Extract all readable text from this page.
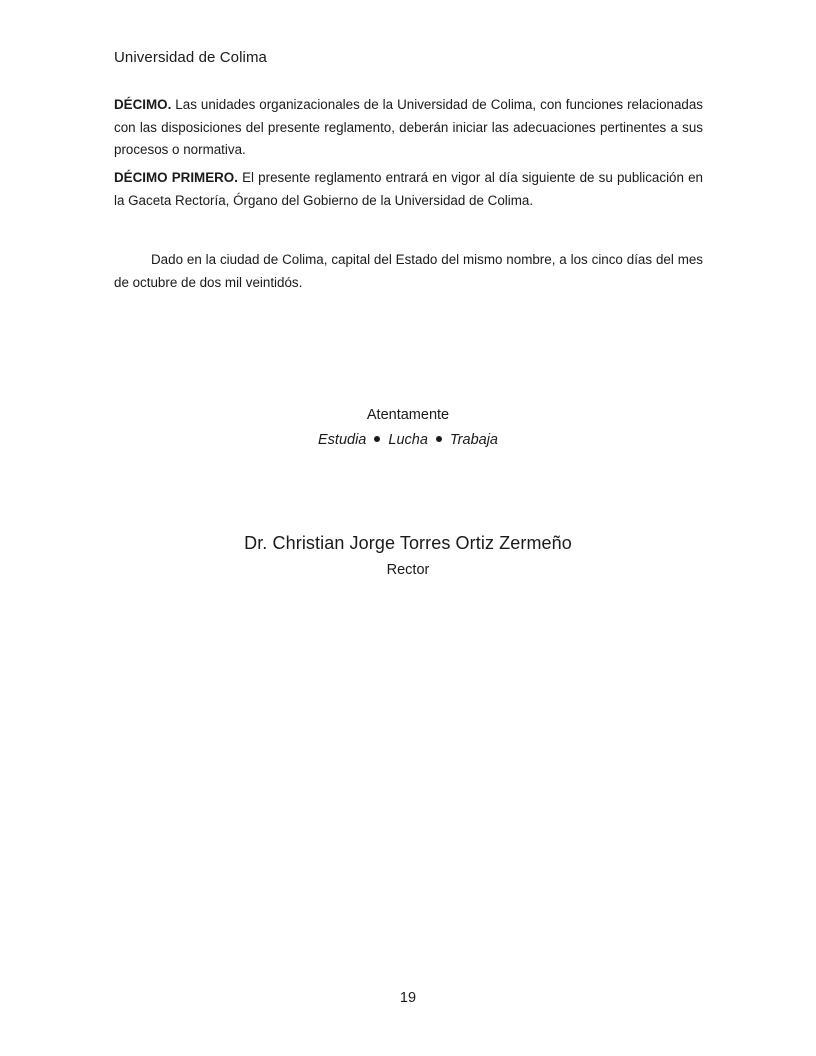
Universidad de Colima

DÉCIMO. Las unidades organizacionales de la Universidad de Colima, con funciones relacionadas con las disposiciones del presente reglamento, deberán iniciar las adecuaciones pertinentes a sus procesos o normativa.

DÉCIMO PRIMERO. El presente reglamento entrará en vigor al día siguiente de su publicación en la Gaceta Rectoría, Órgano del Gobierno de la Universidad de Colima.

Dado en la ciudad de Colima, capital del Estado del mismo nombre, a los cinco días del mes de octubre de dos mil veintidós.

Atentamente
Estudia Lucha Trabaja
Dr. Christian Jorge Torres Ortiz Zermeño
Rector
19
